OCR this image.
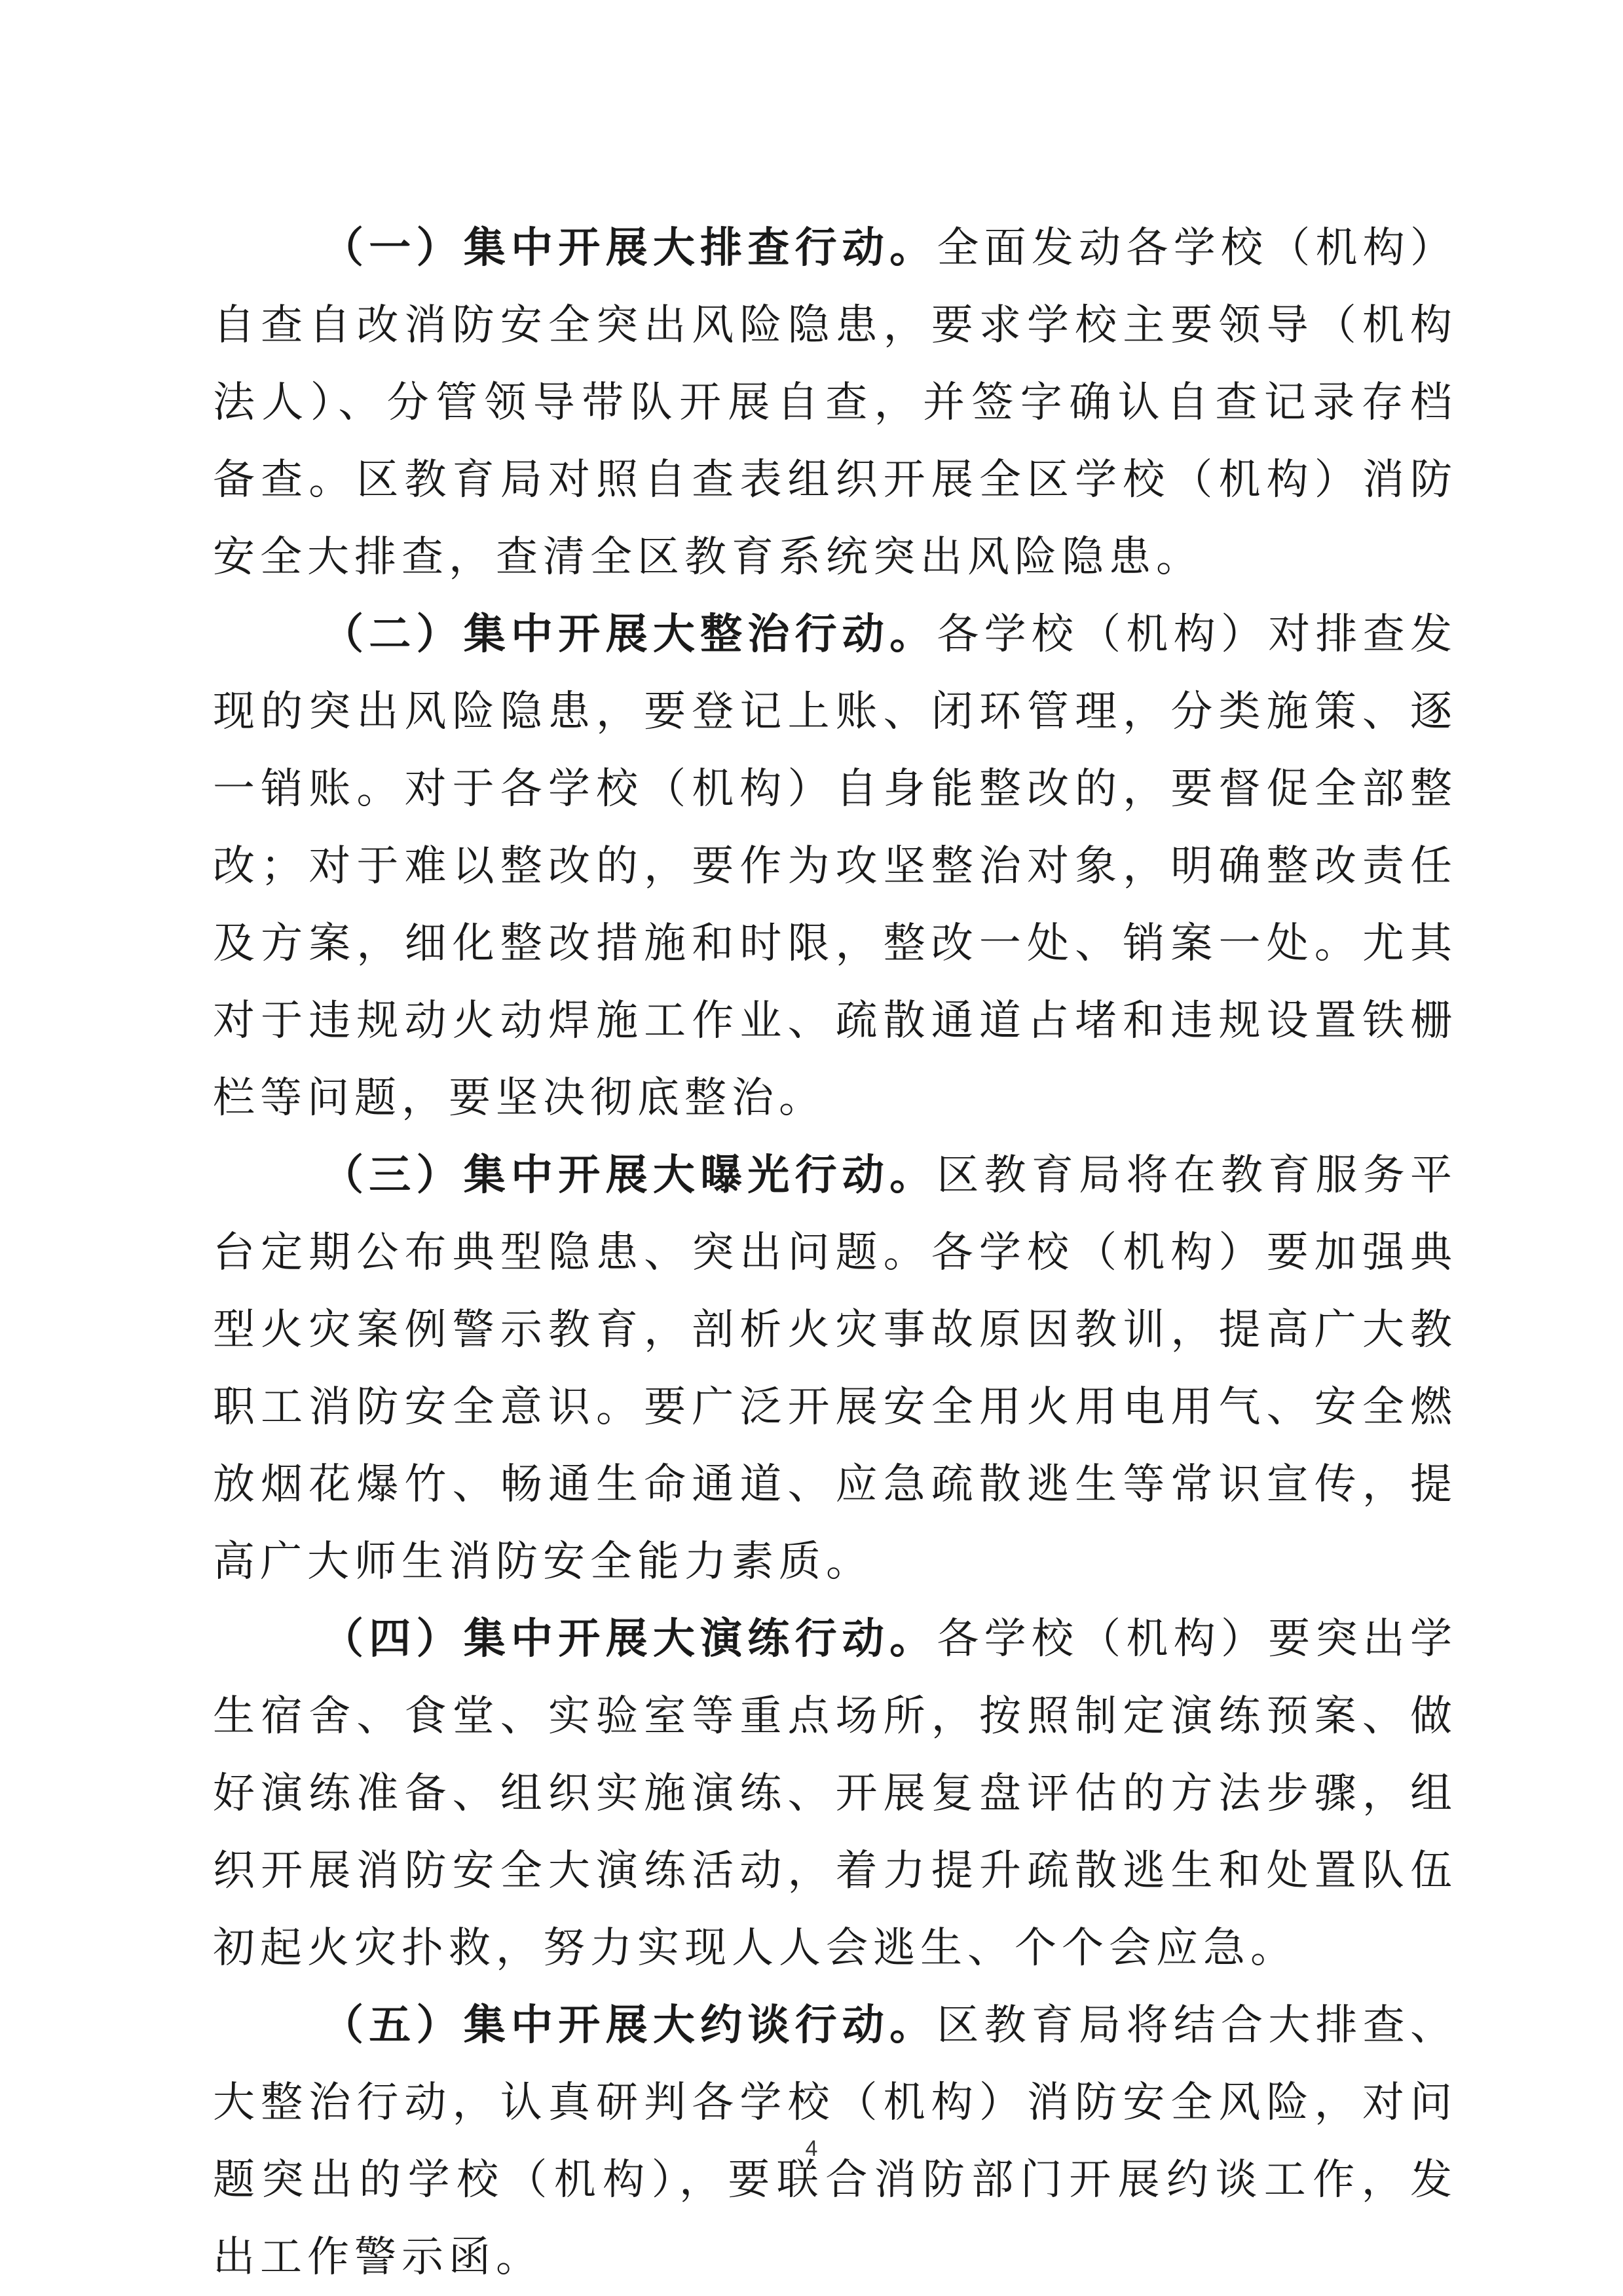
（一）集中开展大排查行动。全面发动各学校（机构）自查自改消防安全突出风险隐患，要求学校主要领导（机构法人）、分管领导带队开展自查，并签字确认自查记录存档备查。区教育局对照自查表组织开展全区学校（机构）消防安全大排查，查清全区教育系统突出风险隐患。

（二）集中开展大整治行动。各学校（机构）对排查发现的突出风险隐患，要登记上账、闭环管理，分类施策、逐一销账。对于各学校（机构）自身能整改的，要督促全部整改；对于难以整改的，要作为攻坚整治对象，明确整改责任及方案，细化整改措施和时限，整改一处、销案一处。尤其对于违规动火动焊施工作业、疏散通道占堵和违规设置铁栅栏等问题，要坚决彻底整治。

（三）集中开展大曝光行动。区教育局将在教育服务平台定期公布典型隐患、突出问题。各学校（机构）要加强典型火灾案例警示教育，剖析火灾事故原因教训，提高广大教职工消防安全意识。要广泛开展安全用火用电用气、安全燃放烟花爆竹、畅通生命通道、应急疏散逃生等常识宣传，提高广大师生消防安全能力素质。

（四）集中开展大演练行动。各学校（机构）要突出学生宿舍、食堂、实验室等重点场所，按照制定演练预案、做好演练准备、组织实施演练、开展复盘评估的方法步骤，组织开展消防安全大演练活动，着力提升疏散逃生和处置队伍初起火灾扑救，努力实现人人会逃生、个个会应急。

（五）集中开展大约谈行动。区教育局将结合大排查、大整治行动，认真研判各学校（机构）消防安全风险，对问题突出的学校（机构），要联合消防部门开展约谈工作，发出工作警示函。

4
